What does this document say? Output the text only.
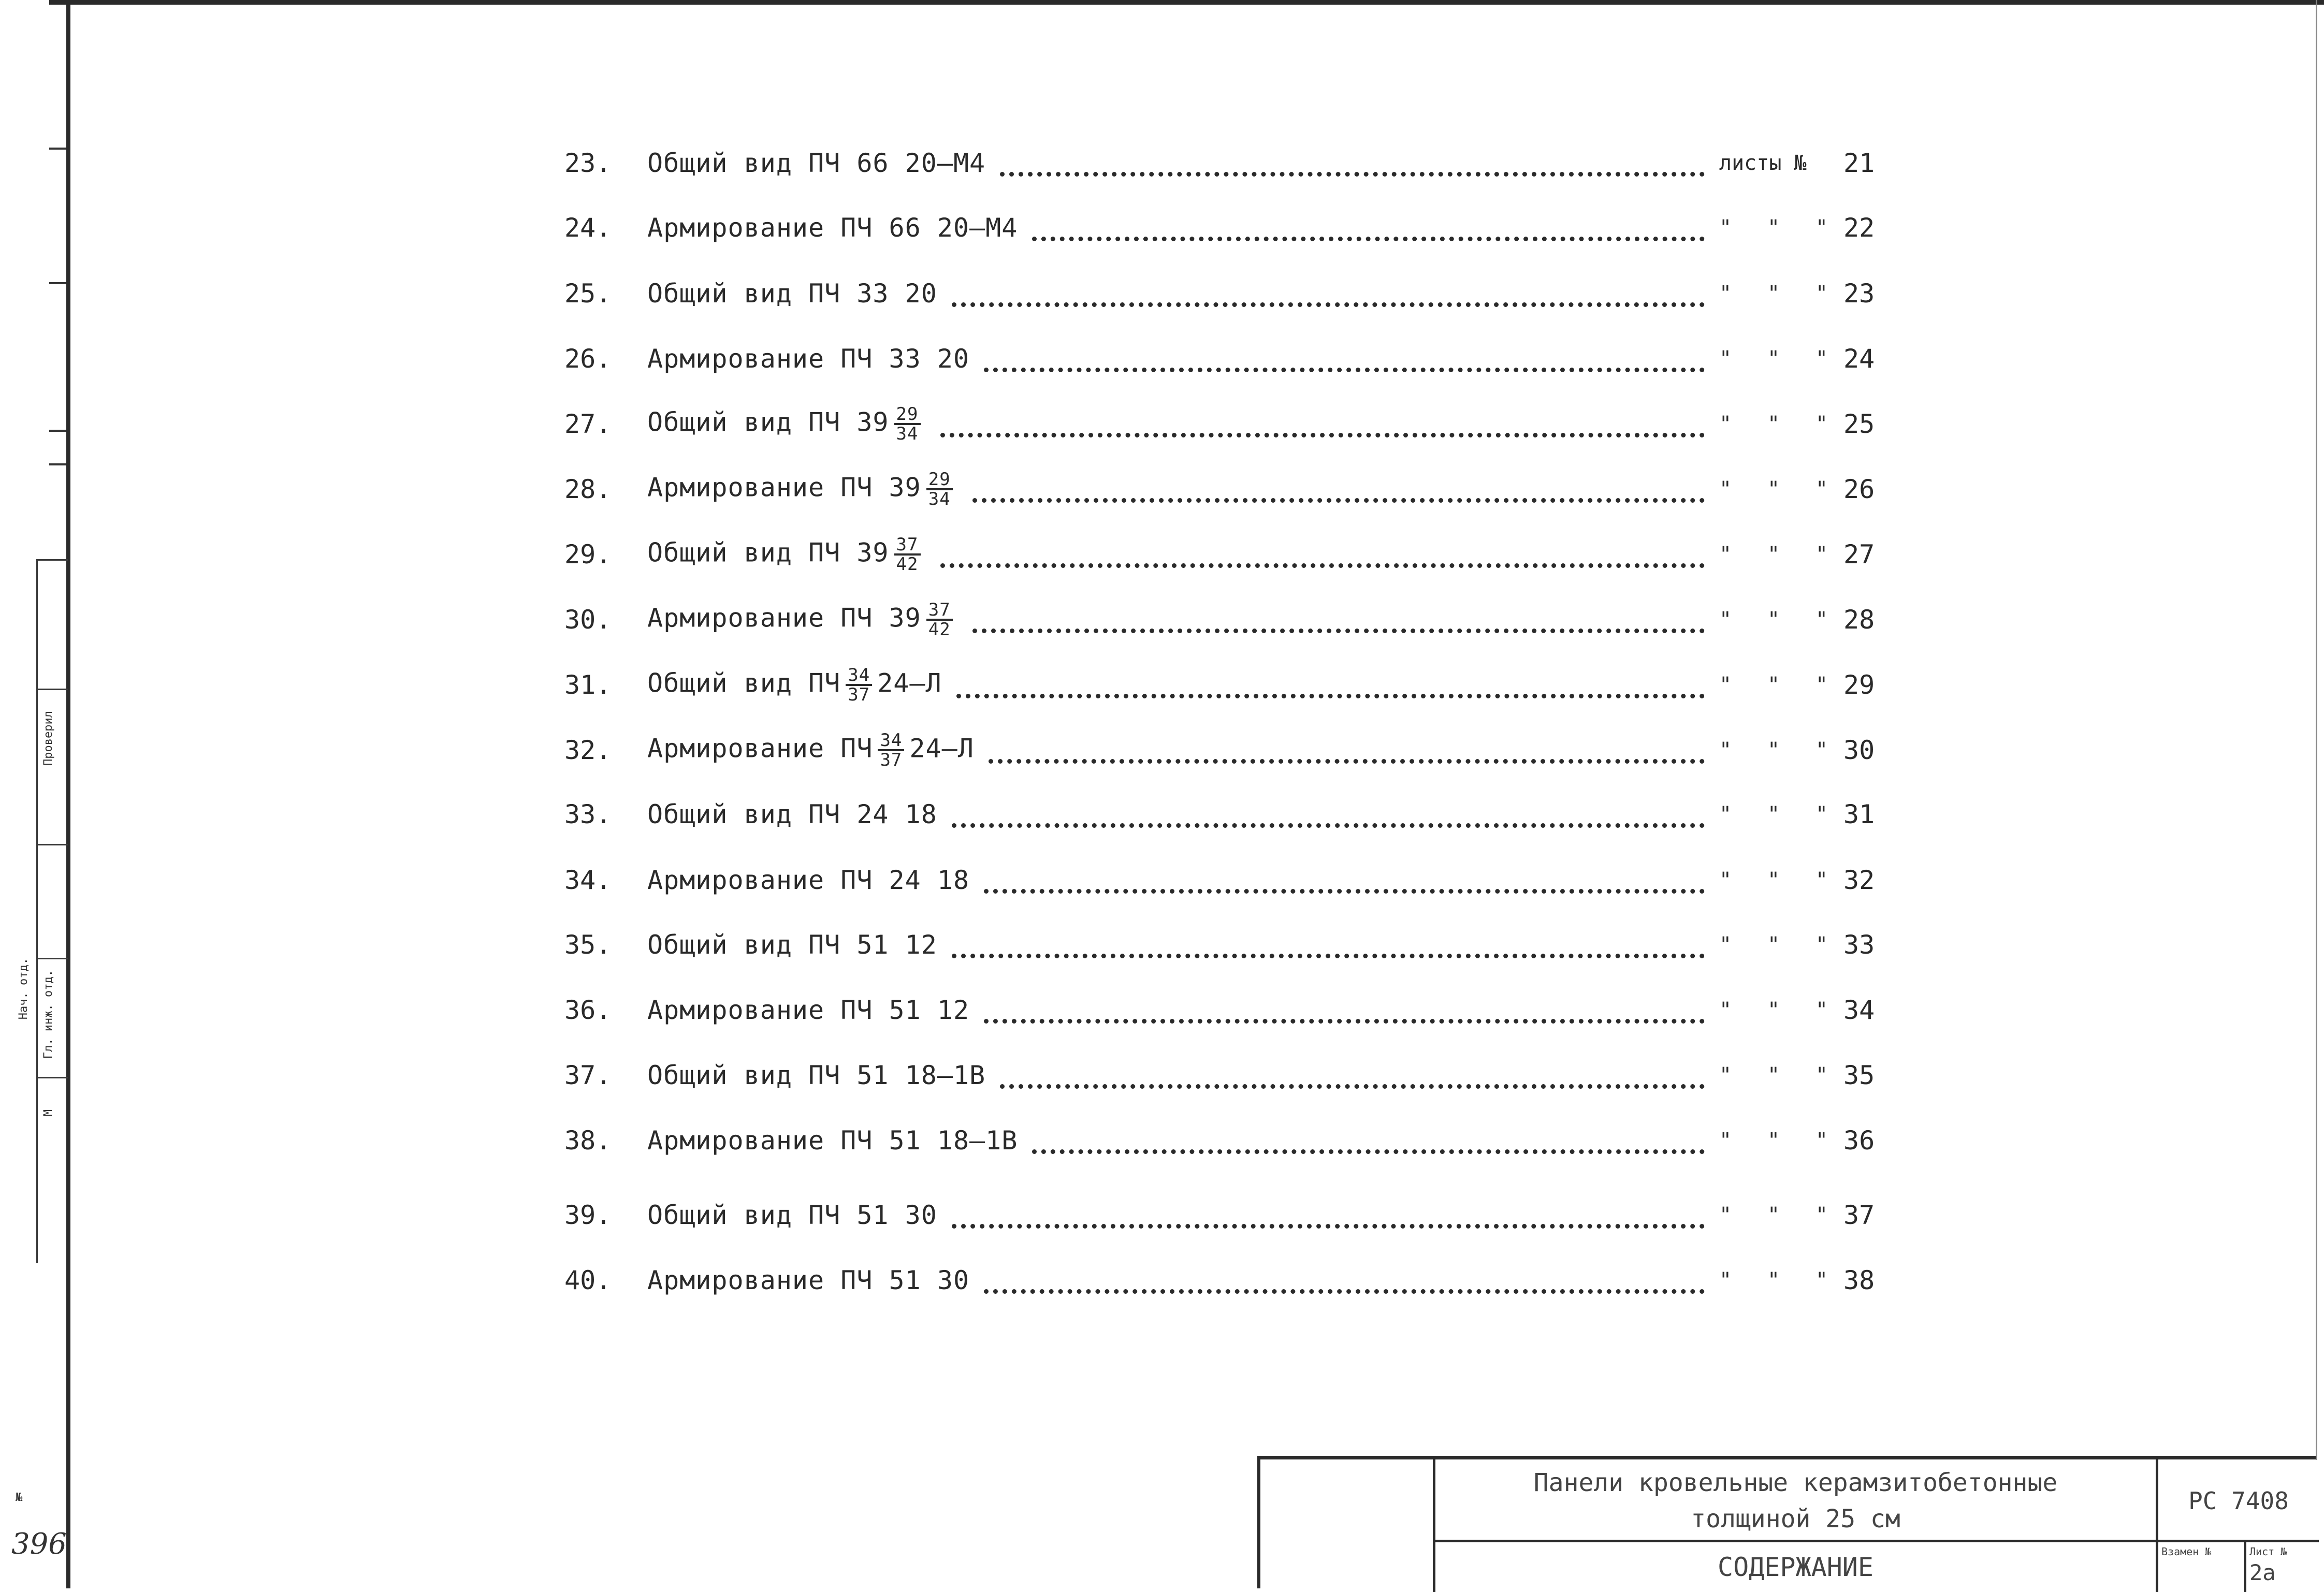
Проверил
Гл. инж. отд.
М
Нач. отд.
№
396
23.	Общий вид ПЧ 66 20–М4	листы № 21
24.	Армирование ПЧ 66 20–М4	" " " 22
25.	Общий вид ПЧ 33 20	" " " 23
26.	Армирование ПЧ 33 20	" " " 24
27.	Общий вид ПЧ $39 \frac{29}{34}$	" " " 25
28.	Армирование ПЧ $39 \frac{29}{34}$	" " " 26
29.	Общий вид ПЧ $39 \frac{37}{42}$	" " " 27
30.	Армирование ПЧ $39 \frac{37}{42}$	" " " 28
31.	Общий вид ПЧ $\frac{34}{37} 24-Л$	" " " 29
32.	Армирование ПЧ $\frac{34}{37} 24-Л$	" " " 30
33.	Общий вид ПЧ 24 18	" " " 31
34.	Армирование ПЧ 24 18	" " " 32
35.	Общий вид ПЧ 51 12	" " " 33
36.	Армирование ПЧ 51 12	" " " 34
37.	Общий вид ПЧ 51 18–1В	" " " 35
38.	Армирование ПЧ 51 18–1В	" " " 36
39.	Общий вид ПЧ 51 30	" " " 37
40.	Армирование ПЧ 51 30	" " " 38
Панели кровельные керамзитобетонные
толщиной 25 см
СОДЕРЖАНИЕ
РС 7408
Взамен №	Лист №
2а
